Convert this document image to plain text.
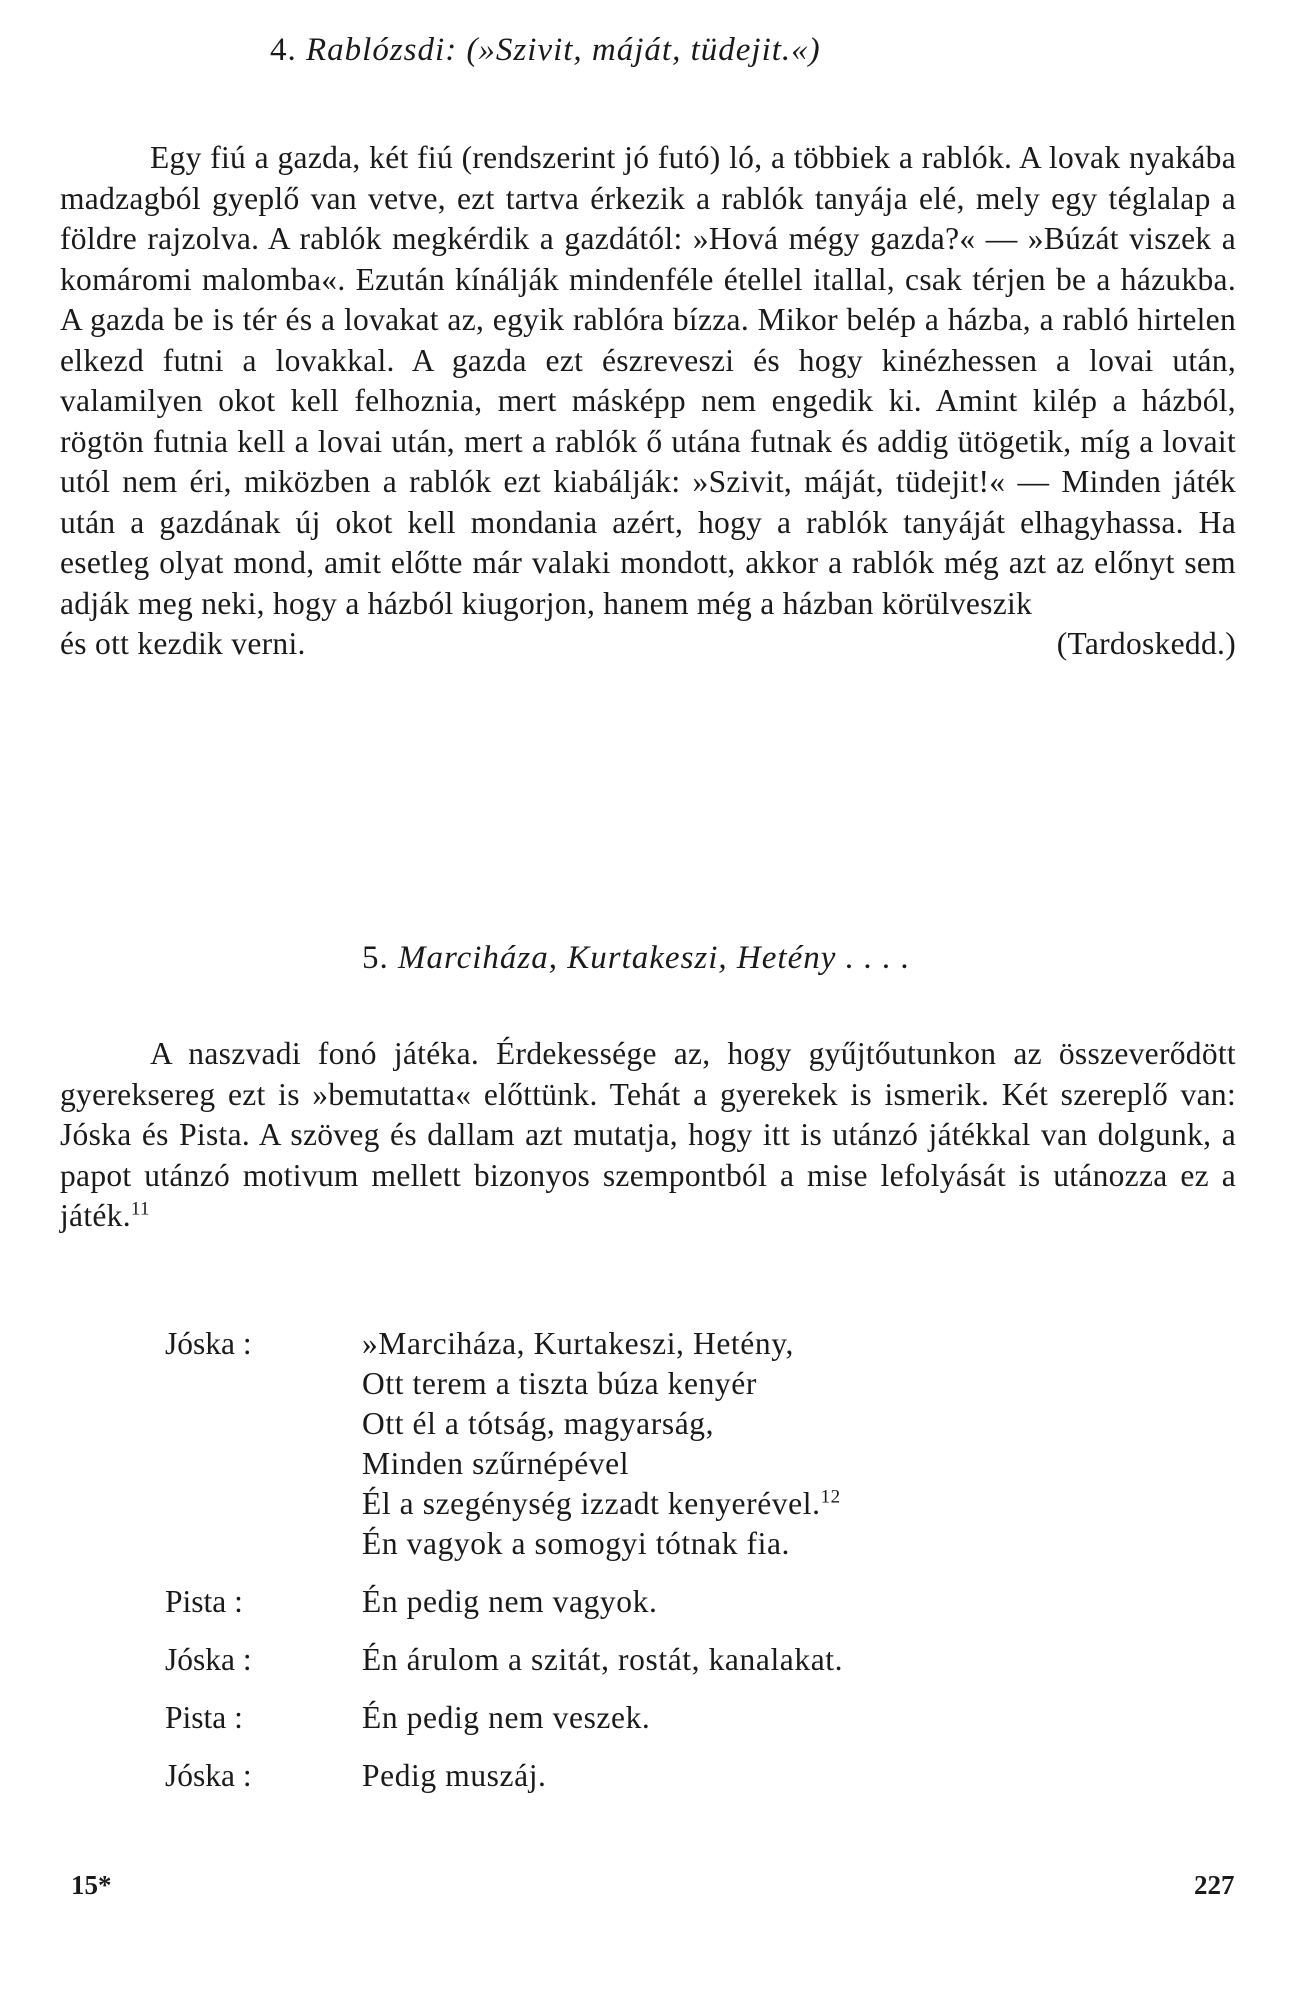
4. Rablózsdi: (»Szivit, máját, tüdejit.«)
Egy fiú a gazda, két fiú (rendszerint jó futó) ló, a többiek a rablók. A lovak nyakába madzagból gyeplő van vetve, ezt tartva érkezik a rablók tanyája elé, mely egy téglalap a földre rajzolva. A rablók megkérdik a gazdától: »Hová mégy gazda?« — »Búzát viszek a komáromi malomba«. Ezután kínálják mindenféle étellel itallal, csak térjen be a házukba. A gazda be is tér és a lovakat az, egyik rablóra bízza. Mikor belép a házba, a rabló hirtelen elkezd futni a lovakkal. A gazda ezt észreveszi és hogy kinézhessen a lovai után, valamilyen okot kell felhoznia, mert másképp nem engedik ki. Amint kilép a házból, rögtön futnia kell a lovai után, mert a rablók ő utána futnak és addig ütögetik, míg a lovait utól nem éri, miközben a rablók ezt kiabálják: »Szivit, máját, tüdejit!« — Minden játék után a gazdának új okot kell mondania azért, hogy a rablók tanyáját elhagyhassa. Ha esetleg olyat mond, amit előtte már valaki mondott, akkor a rablók még azt az előnyt sem adják meg neki, hogy a házból kiugorjon, hanem még a házban körülveszik
és ott kezdik verni.	(Tardoskedd.)
5. Marciháza, Kurtakeszi, Hetény . . . .
A naszvadi fonó játéka. Érdekessége az, hogy gyűjtőutunkon az összeverődött gyereksereg ezt is »bemutatta« előttünk. Tehát a gyerekek is ismerik. Két szereplő van: Jóska és Pista. A szöveg és dallam azt mutatja, hogy itt is utánzó játékkal van dolgunk, a papot utánzó motivum mellett bizonyos szempontból a mise lefolyását is utánozza ez a játék.$^{11}$
Jóska :	»Marciháza, Kurtakeszi, Hetény,
Ott terem a tiszta búza kenyér
Ott él a tótság, magyarság,
Minden szűrnépével
Él a szegénység izzadt kenyerével.$^{12}$
Én vagyok a somogyi tótnak fia.
Pista :	Én pedig nem vagyok.
Jóska :	Én árulom a szitát, rostát, kanalakat.
Pista :	Én pedig nem veszek.
Jóska :	Pedig muszáj.
15*	227
